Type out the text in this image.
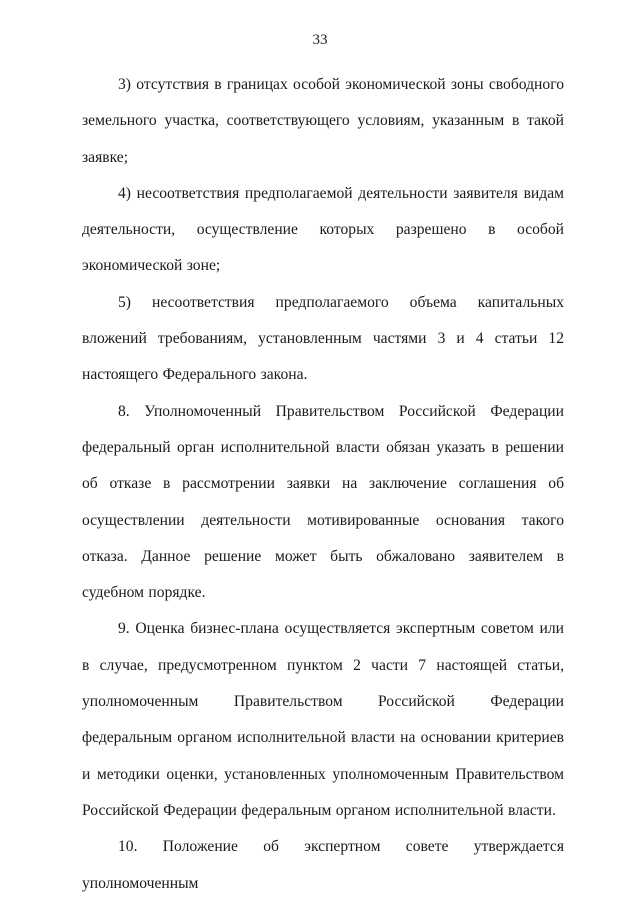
33

3) отсутствия в границах особой экономической зоны свободного земельного участка, соответствующего условиям, указанным в такой заявке;

4) несоответствия предполагаемой деятельности заявителя видам деятельности, осуществление которых разрешено в особой экономической зоне;

5) несоответствия предполагаемого объема капитальных вложений требованиям, установленным частями 3 и 4 статьи 12 настоящего Федерального закона.

8. Уполномоченный Правительством Российской Федерации федеральный орган исполнительной власти обязан указать в решении об отказе в рассмотрении заявки на заключение соглашения об осуществлении деятельности мотивированные основания такого отказа. Данное решение может быть обжаловано заявителем в судебном порядке.

9. Оценка бизнес-плана осуществляется экспертным советом или в случае, предусмотренном пунктом 2 части 7 настоящей статьи, уполномоченным Правительством Российской Федерации федеральным органом исполнительной власти на основании критериев и методики оценки, установленных уполномоченным Правительством Российской Федерации федеральным органом исполнительной власти.

10. Положение об экспертном совете утверждается уполномоченным
